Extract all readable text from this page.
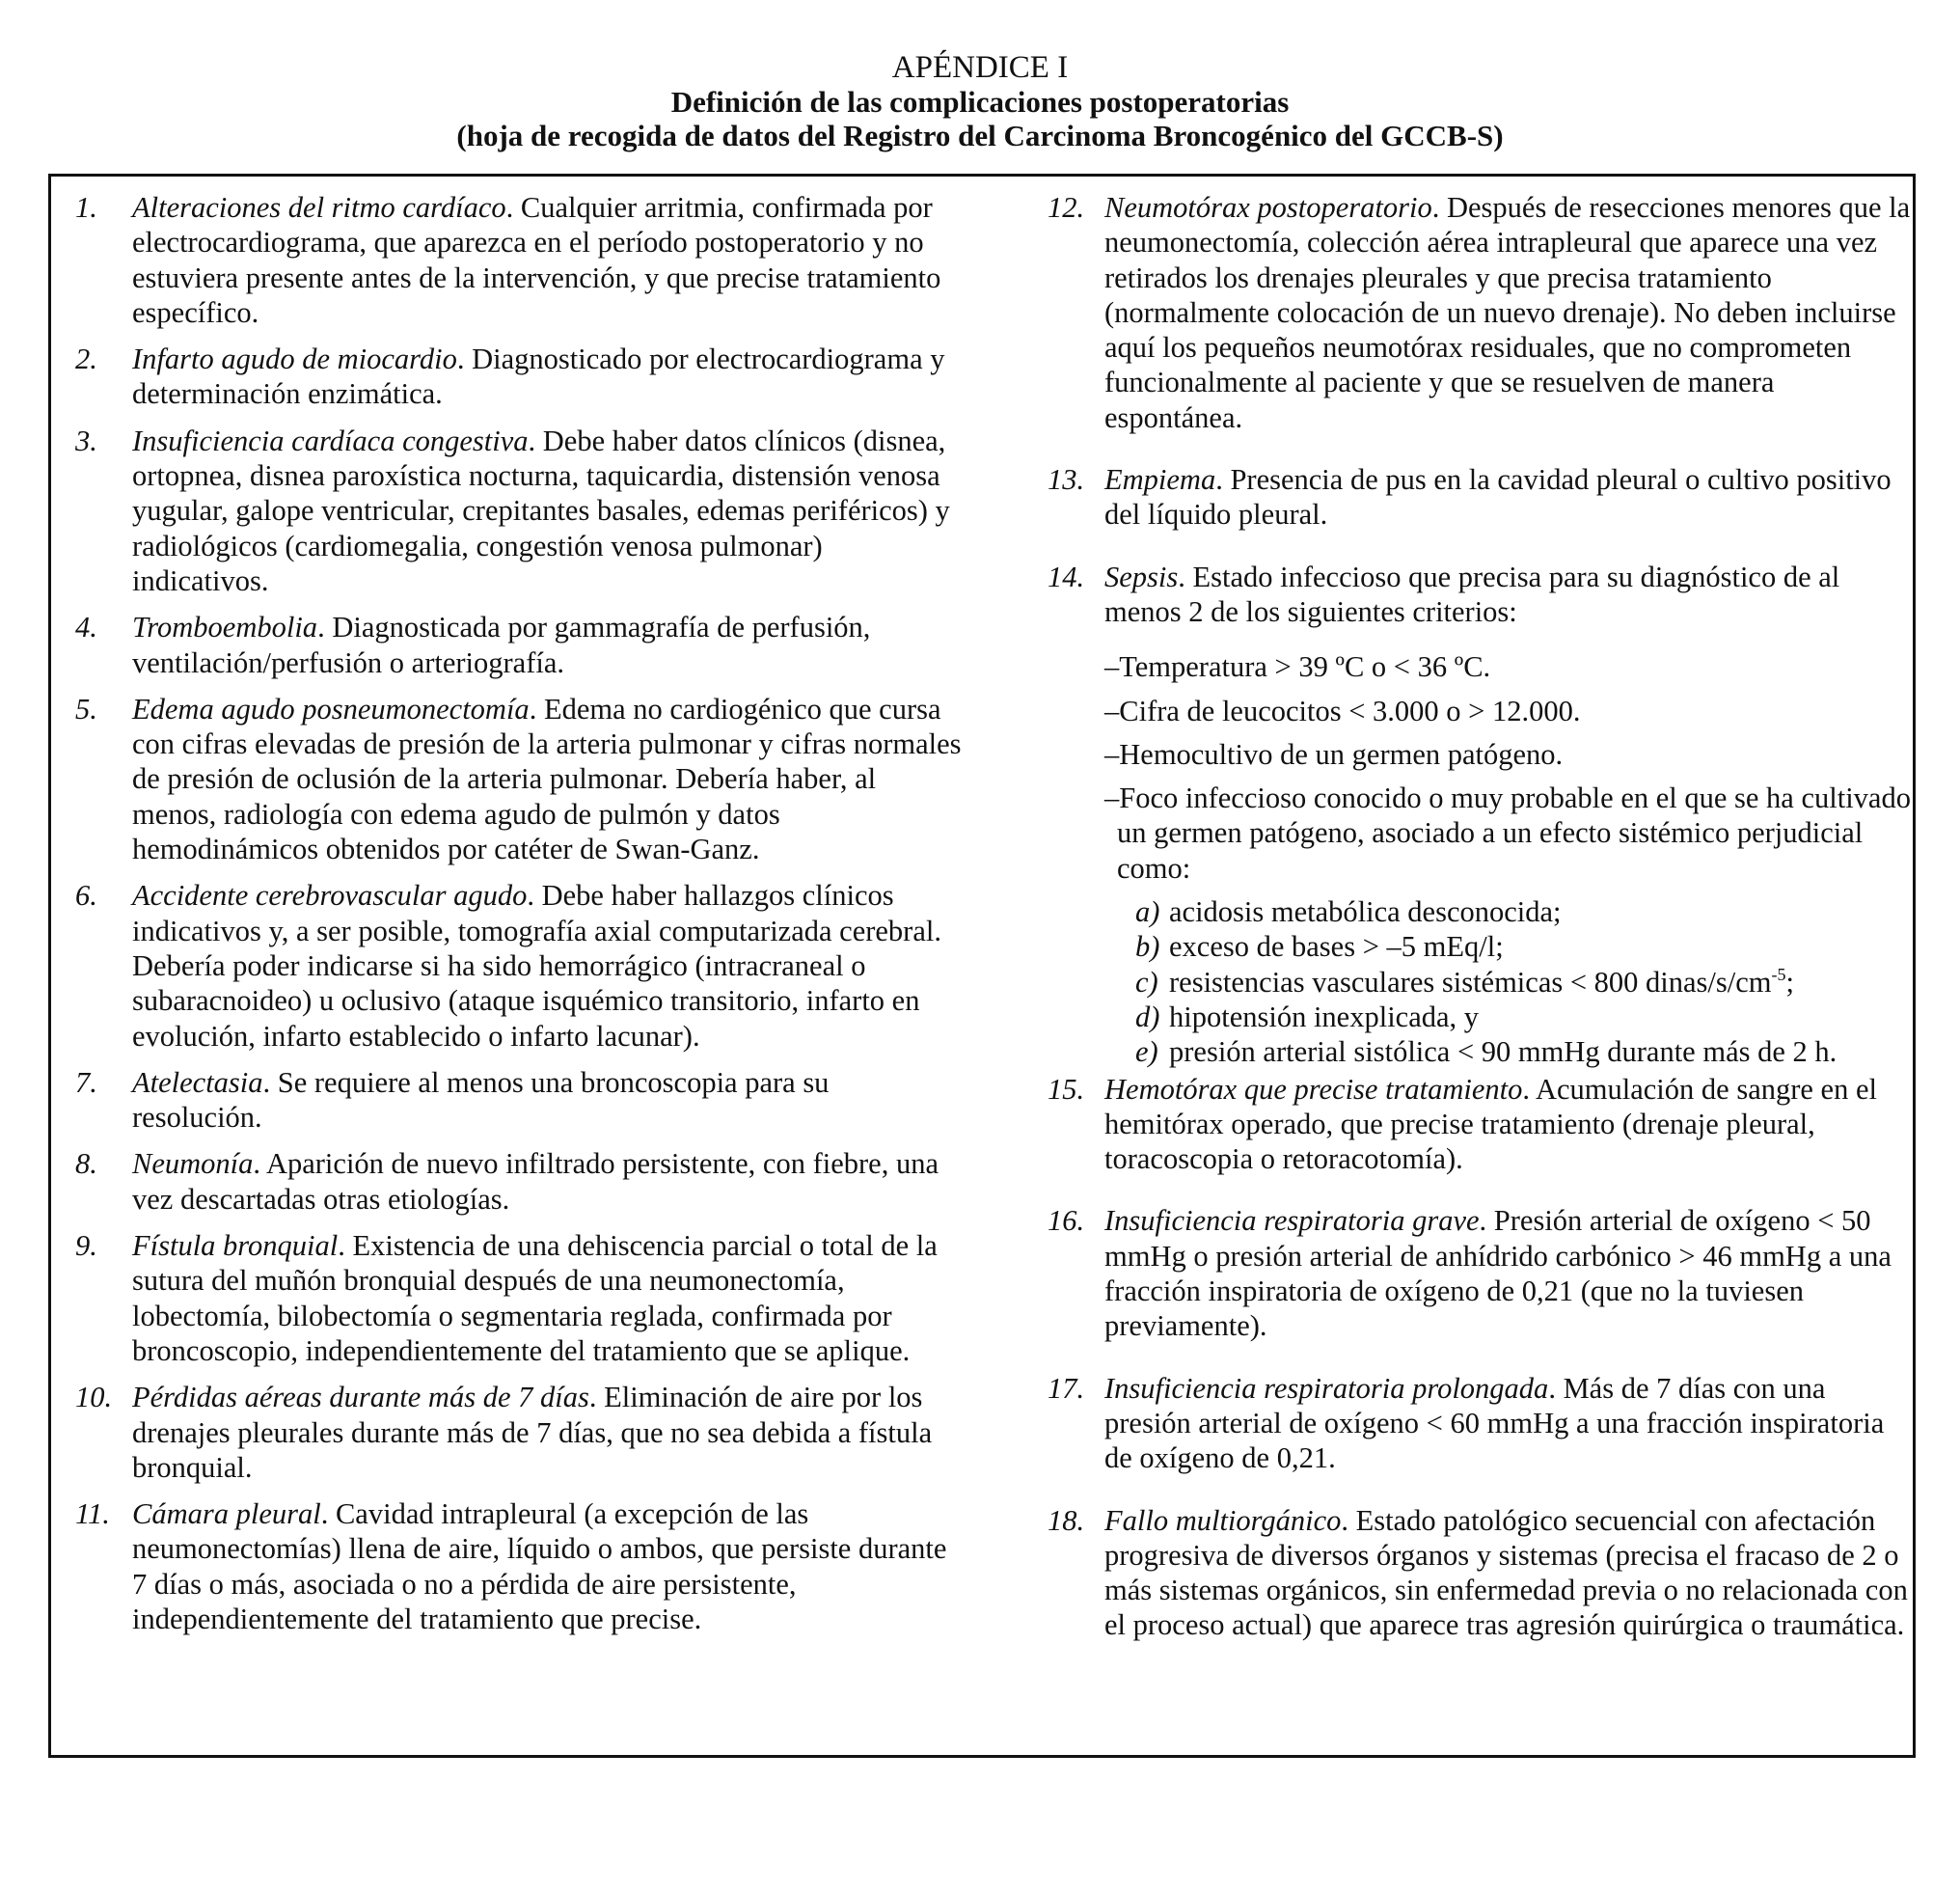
APÉNDICE I
Definición de las complicaciones postoperatorias
(hoja de recogida de datos del Registro del Carcinoma Broncogénico del GCCB-S)
1. Alteraciones del ritmo cardíaco. Cualquier arritmia, confirmada por electrocardiograma, que aparezca en el período postoperatorio y no estuviera presente antes de la intervención, y que precise tratamiento específico.
2. Infarto agudo de miocardio. Diagnosticado por electrocardiograma y determinación enzimática.
3. Insuficiencia cardíaca congestiva. Debe haber datos clínicos (disnea, ortopnea, disnea paroxística nocturna, taquicardia, distensión venosa yugular, galope ventricular, crepitantes basales, edemas periféricos) y radiológicos (cardiomegalia, congestión venosa pulmonar) indicativos.
4. Tromboembolia. Diagnosticada por gammagrafía de perfusión, ventilación/perfusión o arteriografía.
5. Edema agudo posneumonectomía. Edema no cardiogénico que cursa con cifras elevadas de presión de la arteria pulmonar y cifras normales de presión de oclusión de la arteria pulmonar. Debería haber, al menos, radiología con edema agudo de pulmón y datos hemodinámicos obtenidos por catéter de Swan-Ganz.
6. Accidente cerebrovascular agudo. Debe haber hallazgos clínicos indicativos y, a ser posible, tomografía axial computarizada cerebral. Debería poder indicarse si ha sido hemorrágico (intracraneal o subaracnoideo) u oclusivo (ataque isquémico transitorio, infarto en evolución, infarto establecido o infarto lacunar).
7. Atelectasia. Se requiere al menos una broncoscopia para su resolución.
8. Neumonía. Aparición de nuevo infiltrado persistente, con fiebre, una vez descartadas otras etiologías.
9. Fístula bronquial. Existencia de una dehiscencia parcial o total de la sutura del muñón bronquial después de una neumonectomía, lobectomía, bilobectomía o segmentaria reglada, confirmada por broncoscopio, independientemente del tratamiento que se aplique.
10. Pérdidas aéreas durante más de 7 días. Eliminación de aire por los drenajes pleurales durante más de 7 días, que no sea debida a fístula bronquial.
11. Cámara pleural. Cavidad intrapleural (a excepción de las neumonectomías) llena de aire, líquido o ambos, que persiste durante 7 días o más, asociada o no a pérdida de aire persistente, independientemente del tratamiento que precise.
12. Neumotórax postoperatorio. Después de resecciones menores que la neumonectomía, colección aérea intrapleural que aparece una vez retirados los drenajes pleurales y que precisa tratamiento (normalmente colocación de un nuevo drenaje). No deben incluirse aquí los pequeños neumotórax residuales, que no comprometen funcionalmente al paciente y que se resuelven de manera espontánea.
13. Empiema. Presencia de pus en la cavidad pleural o cultivo positivo del líquido pleural.
14. Sepsis. Estado infeccioso que precisa para su diagnóstico de al menos 2 de los siguientes criterios:
–Temperatura > 39 ºC o < 36 ºC.
–Cifra de leucocitos < 3.000 o > 12.000.
–Hemocultivo de un germen patógeno.
–Foco infeccioso conocido o muy probable en el que se ha cultivado un germen patógeno, asociado a un efecto sistémico perjudicial como:
a) acidosis metabólica desconocida;
b) exceso de bases > –5 mEq/l;
c) resistencias vasculares sistémicas < 800 dinas/$s/cm^{-5}$;
d) hipotensión inexplicada, y
e) presión arterial sistólica < 90 mmHg durante más de 2 h.
15. Hemotórax que precise tratamiento. Acumulación de sangre en el hemitórax operado, que precise tratamiento (drenaje pleural, toracoscopia o retoracotomía).
16. Insuficiencia respiratoria grave. Presión arterial de oxígeno < 50 mmHg o presión arterial de anhídrido carbónico > 46 mmHg a una fracción inspiratoria de oxígeno de 0,21 (que no la tuviesen previamente).
17. Insuficiencia respiratoria prolongada. Más de 7 días con una presión arterial de oxígeno < 60 mmHg a una fracción inspiratoria de oxígeno de 0,21.
18. Fallo multiorgánico. Estado patológico secuencial con afectación progresiva de diversos órganos y sistemas (precisa el fracaso de 2 o más sistemas orgánicos, sin enfermedad previa o no relacionada con el proceso actual) que aparece tras agresión quirúrgica o traumática.
